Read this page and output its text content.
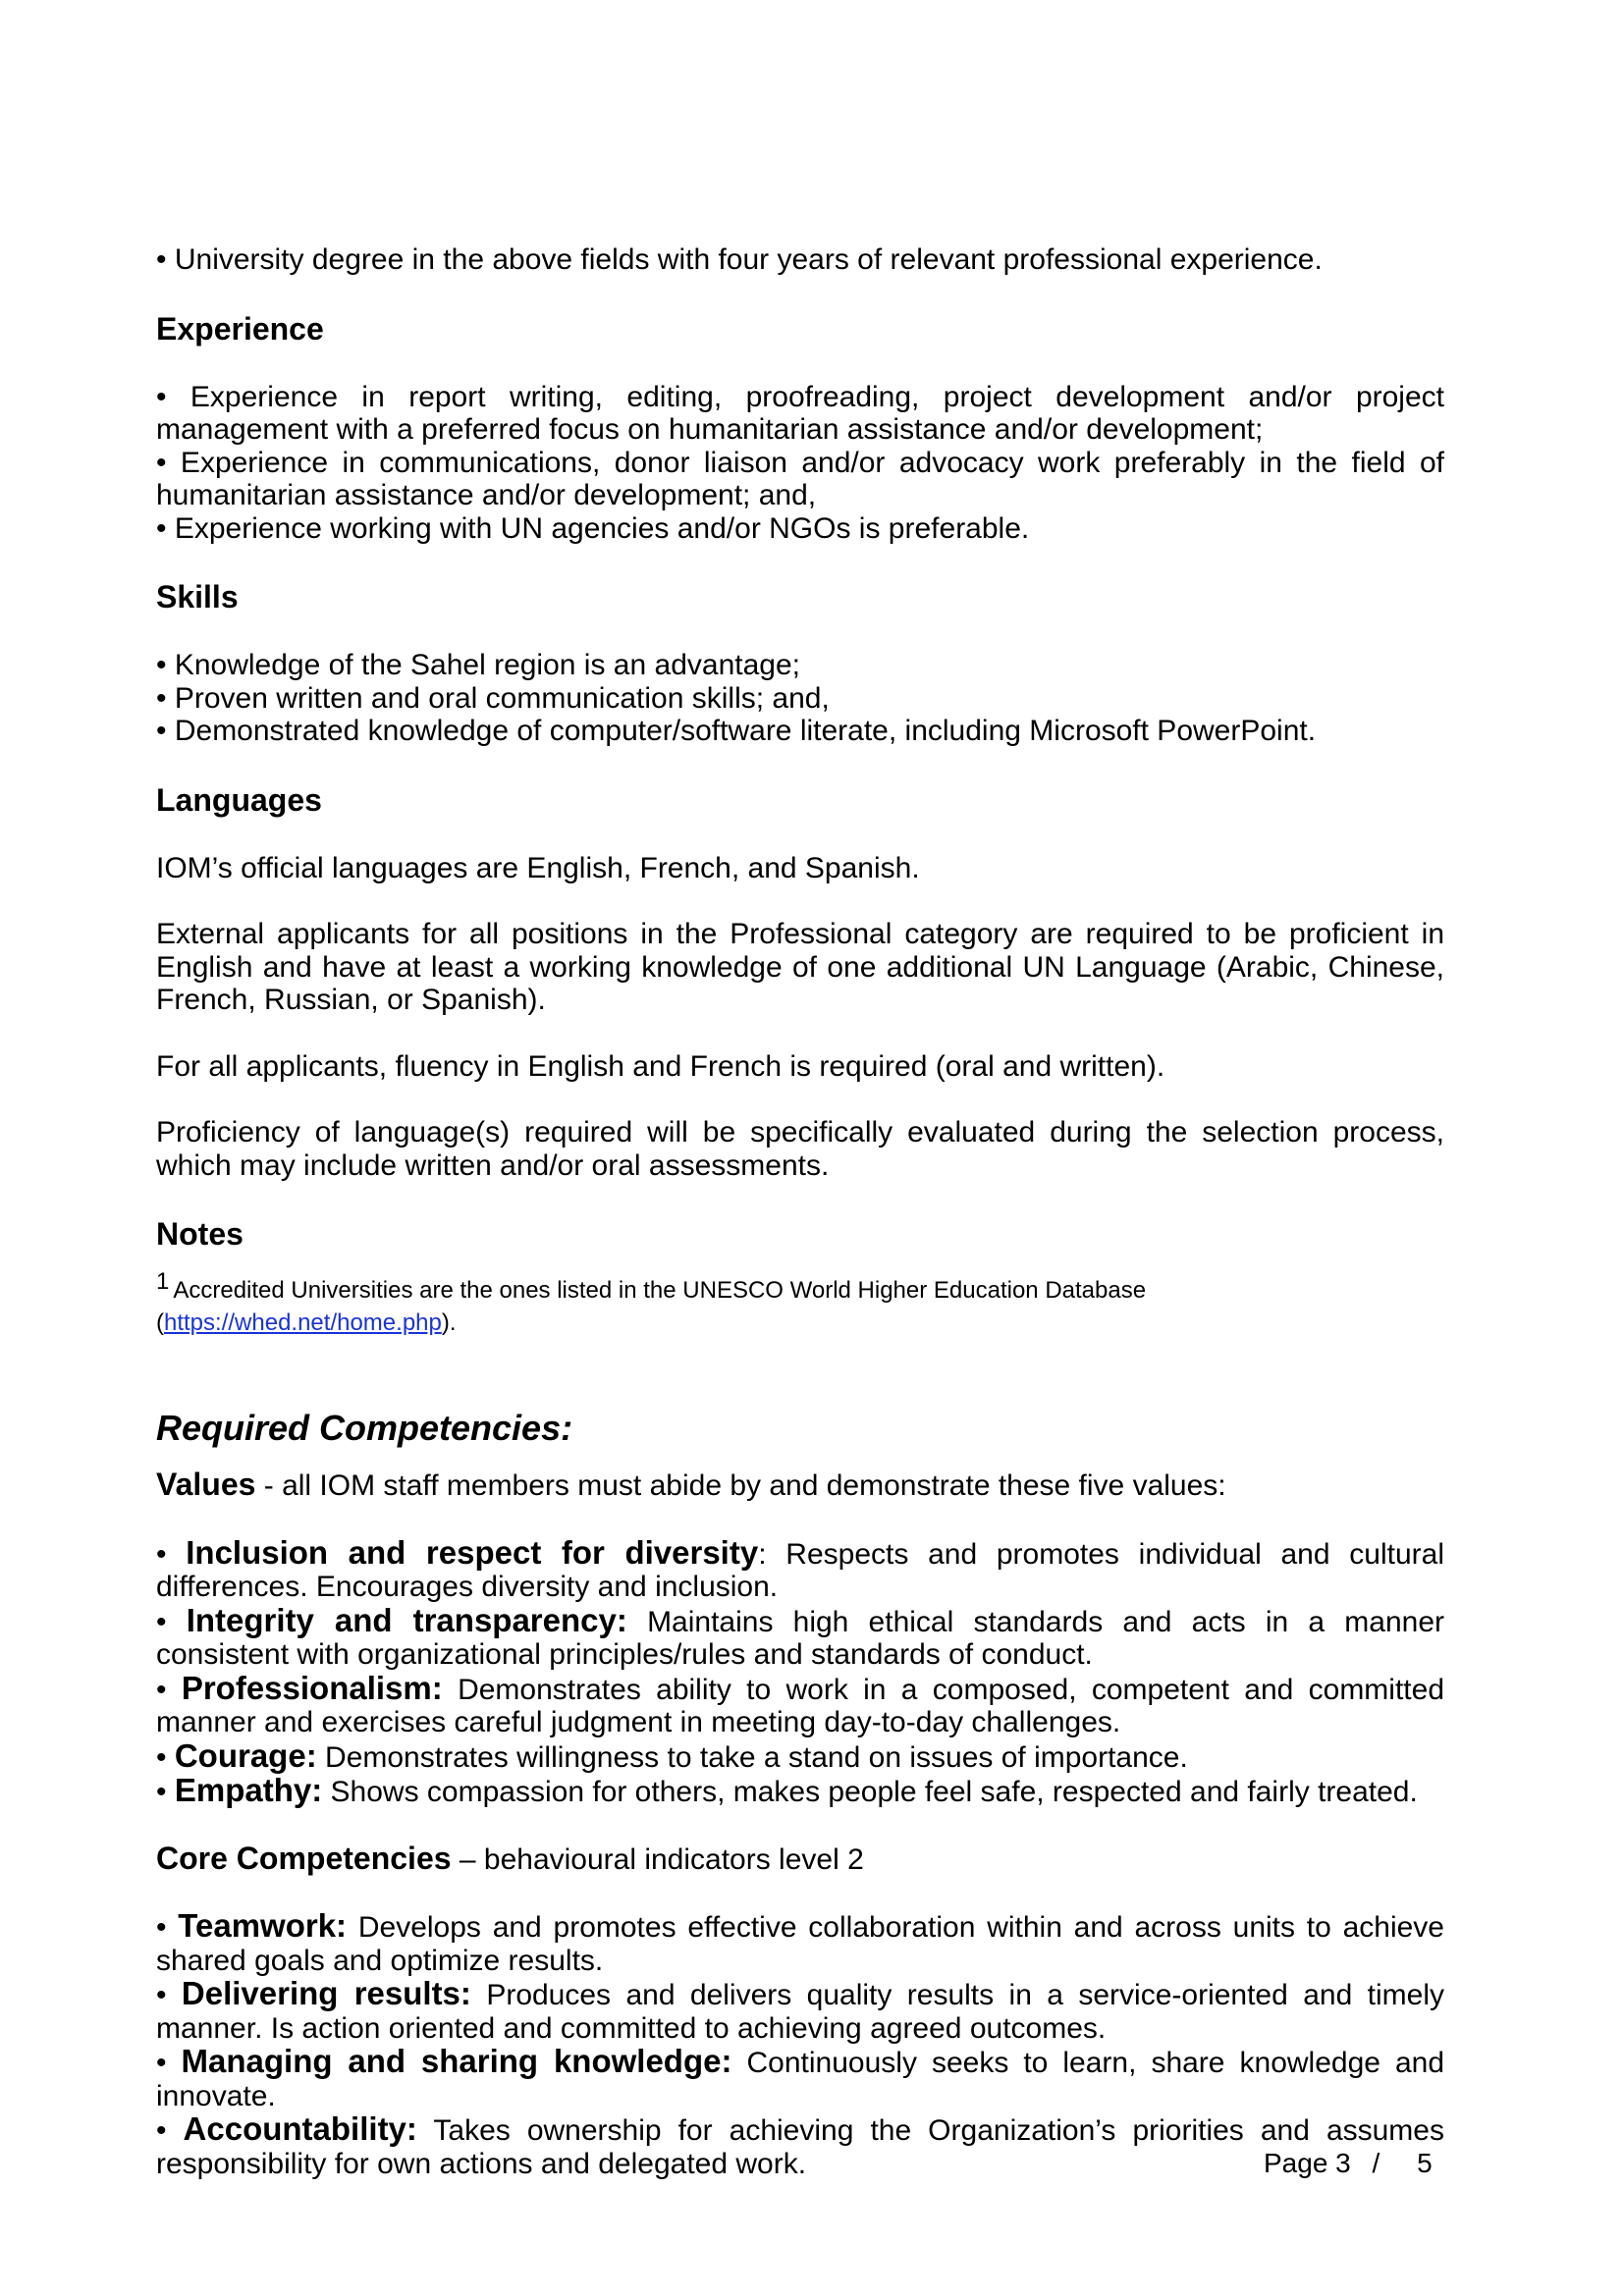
• University degree in the above fields with four years of relevant professional experience.

Experience

• Experience in report writing, editing, proofreading, project development and/or project management with a preferred focus on humanitarian assistance and/or development;

• Experience in communications, donor liaison and/or advocacy work preferably in the field of humanitarian assistance and/or development; and,

• Experience working with UN agencies and/or NGOs is preferable.

Skills

• Knowledge of the Sahel region is an advantage;

• Proven written and oral communication skills; and,

• Demonstrated knowledge of computer/software literate, including Microsoft PowerPoint.

Languages

IOM’s official languages are English, French, and Spanish.

External applicants for all positions in the Professional category are required to be proficient in English and have at least a working knowledge of one additional UN Language (Arabic, Chinese, French, Russian, or Spanish).

For all applicants, fluency in English and French is required (oral and written).

Proficiency of language(s) required will be specifically evaluated during the selection process, which may include written and/or oral assessments.

Notes

1 Accredited Universities are the ones listed in the UNESCO World Higher Education Database
(https://whed.net/home.php).

Required Competencies:

Values - all IOM staff members must abide by and demonstrate these five values:

• Inclusion and respect for diversity: Respects and promotes individual and cultural differences. Encourages diversity and inclusion.

• Integrity and transparency: Maintains high ethical standards and acts in a manner consistent with organizational principles/rules and standards of conduct.

• Professionalism: Demonstrates ability to work in a composed, competent and committed manner and exercises careful judgment in meeting day-to-day challenges.

• Courage: Demonstrates willingness to take a stand on issues of importance.

• Empathy: Shows compassion for others, makes people feel safe, respected and fairly treated.

Core Competencies – behavioural indicators level 2

• Teamwork: Develops and promotes effective collaboration within and across units to achieve shared goals and optimize results.

• Delivering results: Produces and delivers quality results in a service-oriented and timely manner. Is action oriented and committed to achieving agreed outcomes.

• Managing and sharing knowledge: Continuously seeks to learn, share knowledge and innovate.

• Accountability: Takes ownership for achieving the Organization’s priorities and assumes responsibility for own actions and delegated work.	Page 3 / 5
